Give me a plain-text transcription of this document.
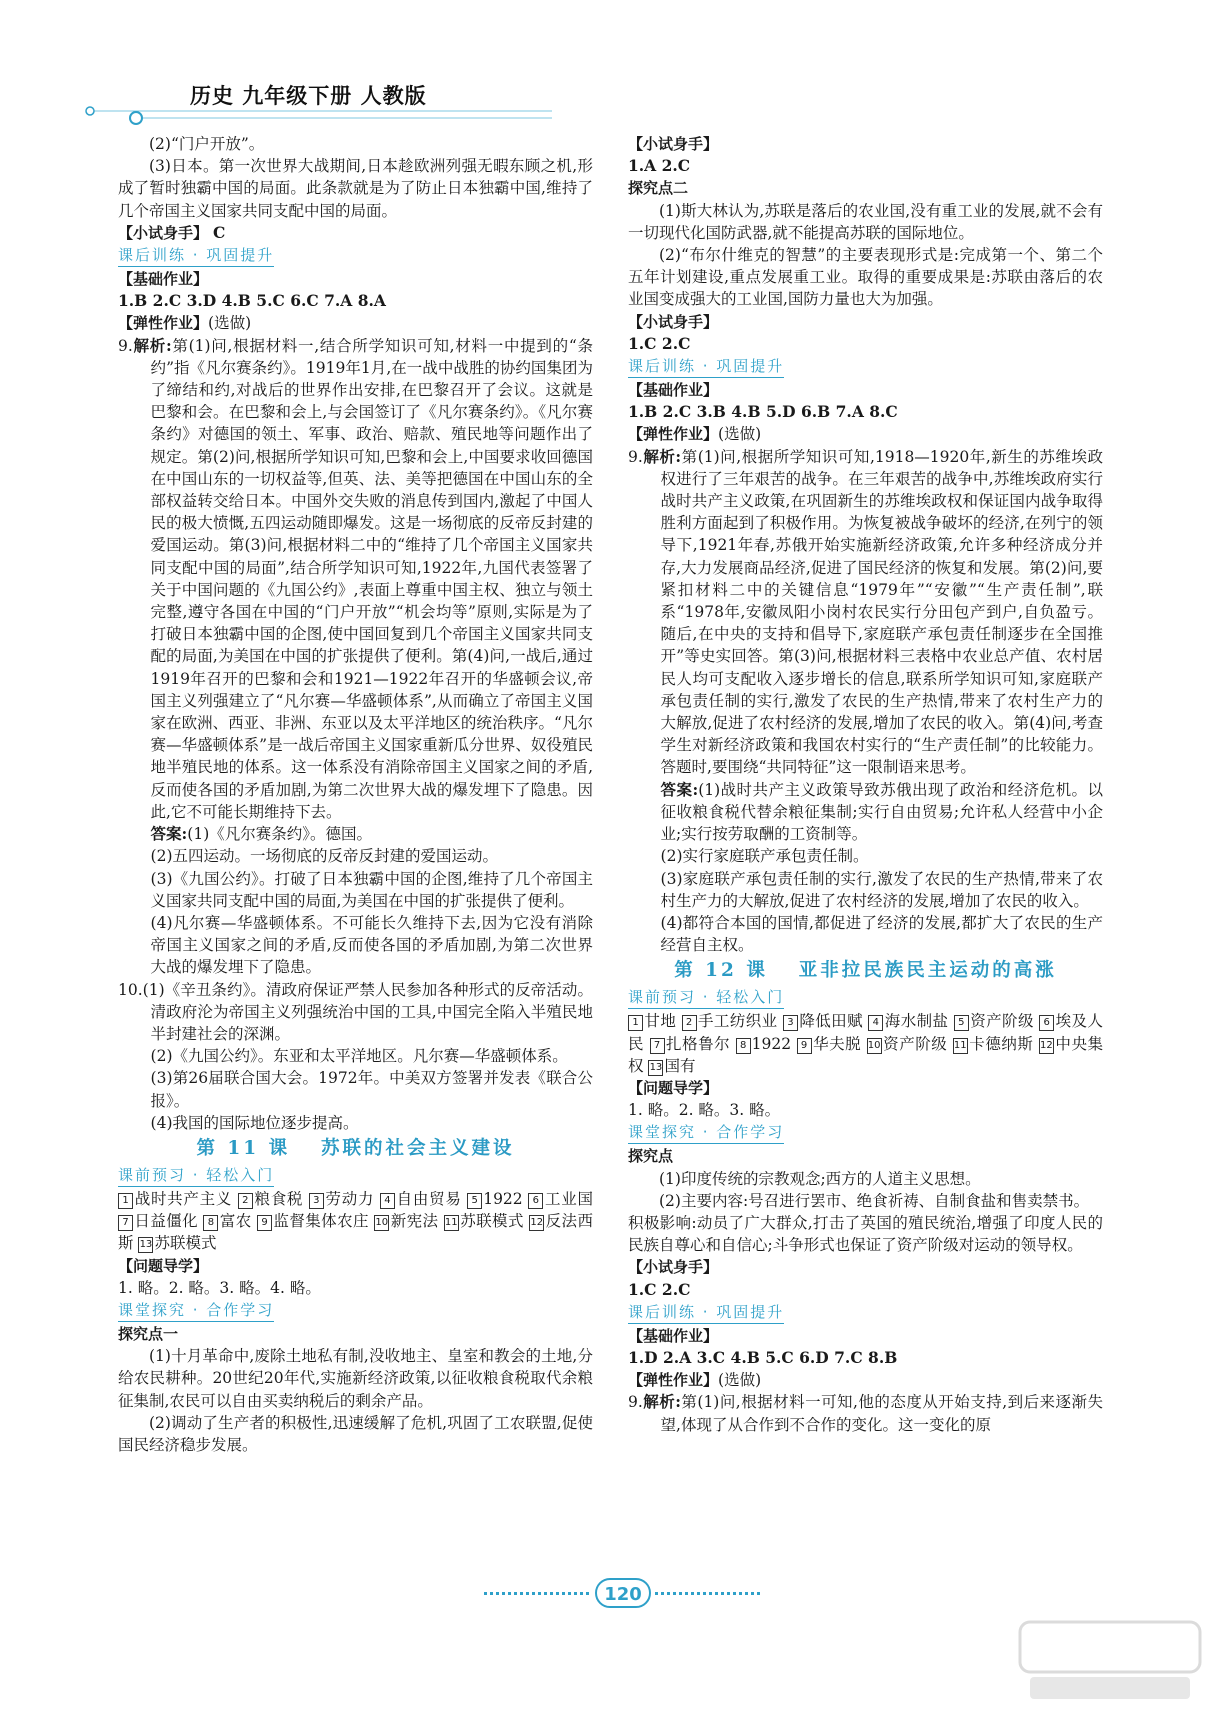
历史 九年级下册 人教版

(2)“门户开放”。

(3)日本。第一次世界大战期间,日本趁欧洲列强无暇东顾之机,形成了暂时独霸中国的局面。此条款就是为了防止日本独霸中国,维持了几个帝国主义国家共同支配中国的局面。

【小试身手】 C

课后训练 · 巩固提升

【基础作业】

1.B 2.C 3.D 4.B 5.C 6.C 7.A 8.A

【弹性作业】(选做)

9.解析:第(1)问,根据材料一,结合所学知识可知,材料一中提到的“条约”指《凡尔赛条约》。1919年1月,在一战中战胜的协约国集团为了缔结和约,对战后的世界作出安排,在巴黎召开了会议。这就是巴黎和会。在巴黎和会上,与会国签订了《凡尔赛条约》。《凡尔赛条约》对德国的领土、军事、政治、赔款、殖民地等问题作出了规定。第(2)问,根据所学知识可知,巴黎和会上,中国要求收回德国在中国山东的一切权益等,但英、法、美等把德国在中国山东的全部权益转交给日本。中国外交失败的消息传到国内,激起了中国人民的极大愤慨,五四运动随即爆发。这是一场彻底的反帝反封建的爱国运动。第(3)问,根据材料二中的“维持了几个帝国主义国家共同支配中国的局面”,结合所学知识可知,1922年,九国代表签署了关于中国问题的《九国公约》,表面上尊重中国主权、独立与领土完整,遵守各国在中国的“门户开放”“机会均等”原则,实际是为了打破日本独霸中国的企图,使中国回复到几个帝国主义国家共同支配的局面,为美国在中国的扩张提供了便利。第(4)问,一战后,通过1919年召开的巴黎和会和1921—1922年召开的华盛顿会议,帝国主义列强建立了“凡尔赛—华盛顿体系”,从而确立了帝国主义国家在欧洲、西亚、非洲、东亚以及太平洋地区的统治秩序。“凡尔赛—华盛顿体系”是一战后帝国主义国家重新瓜分世界、奴役殖民地半殖民地的体系。这一体系没有消除帝国主义国家之间的矛盾,反而使各国的矛盾加剧,为第二次世界大战的爆发埋下了隐患。因此,它不可能长期维持下去。

答案:(1)《凡尔赛条约》。德国。

(2)五四运动。一场彻底的反帝反封建的爱国运动。

(3)《九国公约》。打破了日本独霸中国的企图,维持了几个帝国主义国家共同支配中国的局面,为美国在中国的扩张提供了便利。

(4)凡尔赛—华盛顿体系。不可能长久维持下去,因为它没有消除帝国主义国家之间的矛盾,反而使各国的矛盾加剧,为第二次世界大战的爆发埋下了隐患。

10.(1)《辛丑条约》。清政府保证严禁人民参加各种形式的反帝活动。清政府沦为帝国主义列强统治中国的工具,中国完全陷入半殖民地半封建社会的深渊。

(2)《九国公约》。东亚和太平洋地区。凡尔赛—华盛顿体系。

(3)第26届联合国大会。1972年。中美双方签署并发表《联合公报》。

(4)我国的国际地位逐步提高。

第 11 课　 苏联的社会主义建设
课前预习 · 轻松入门

1 战时共产主义 2 粮食税 3 劳动力 4 自由贸易 5 1922 6 工业国 7 日益僵化 8 富农 9 监督集体农庄 10 新宪法 11 苏联模式 12 反法西斯 13 苏联模式

【问题导学】

1. 略。2. 略。3. 略。4. 略。

课堂探究 · 合作学习

探究点一

(1)十月革命中,废除土地私有制,没收地主、皇室和教会的土地,分给农民耕种。20世纪20年代,实施新经济政策,以征收粮食税取代余粮征集制,农民可以自由买卖纳税后的剩余产品。

(2)调动了生产者的积极性,迅速缓解了危机,巩固了工农联盟,促使国民经济稳步发展。

【小试身手】

1.A 2.C

探究点二

(1)斯大林认为,苏联是落后的农业国,没有重工业的发展,就不会有一切现代化国防武器,就不能提高苏联的国际地位。

(2)“布尔什维克的智慧”的主要表现形式是:完成第一个、第二个五年计划建设,重点发展重工业。取得的重要成果是:苏联由落后的农业国变成强大的工业国,国防力量也大为加强。

【小试身手】

1.C 2.C

课后训练 · 巩固提升

【基础作业】

1.B 2.C 3.B 4.B 5.D 6.B 7.A 8.C

【弹性作业】(选做)

9.解析:第(1)问,根据所学知识可知,1918—1920年,新生的苏维埃政权进行了三年艰苦的战争。在三年艰苦的战争中,苏维埃政府实行战时共产主义政策,在巩固新生的苏维埃政权和保证国内战争取得胜利方面起到了积极作用。为恢复被战争破坏的经济,在列宁的领导下,1921年春,苏俄开始实施新经济政策,允许多种经济成分并存,大力发展商品经济,促进了国民经济的恢复和发展。第(2)问,要紧扣材料二中的关键信息“1979年”“安徽”“生产责任制”,联系“1978年,安徽凤阳小岗村农民实行分田包产到户,自负盈亏。随后,在中央的支持和倡导下,家庭联产承包责任制逐步在全国推开”等史实回答。第(3)问,根据材料三表格中农业总产值、农村居民人均可支配收入逐步增长的信息,联系所学知识可知,家庭联产承包责任制的实行,激发了农民的生产热情,带来了农村生产力的大解放,促进了农村经济的发展,增加了农民的收入。第(4)问,考查学生对新经济政策和我国农村实行的“生产责任制”的比较能力。答题时,要围绕“共同特征”这一限制语来思考。

答案:(1)战时共产主义政策导致苏俄出现了政治和经济危机。以征收粮食税代替余粮征集制;实行自由贸易;允许私人经营中小企业;实行按劳取酬的工资制等。

(2)实行家庭联产承包责任制。

(3)家庭联产承包责任制的实行,激发了农民的生产热情,带来了农村生产力的大解放,促进了农村经济的发展,增加了农民的收入。

(4)都符合本国的国情,都促进了经济的发展,都扩大了农民的生产经营自主权。

第 12 课　 亚非拉民族民主运动的高涨
课前预习 · 轻松入门

1 甘地 2 手工纺织业 3 降低田赋 4 海水制盐 5 资产阶级 6 埃及人民 7 扎格鲁尔 8 1922 9 华夫脱 10 资产阶级 11 卡德纳斯 12 中央集权 13 国有

【问题导学】

1. 略。2. 略。3. 略。

课堂探究 · 合作学习

探究点

(1)印度传统的宗教观念;西方的人道主义思想。

(2)主要内容:号召进行罢市、绝食祈祷、自制食盐和售卖禁书。

积极影响:动员了广大群众,打击了英国的殖民统治,增强了印度人民的民族自尊心和自信心;斗争形式也保证了资产阶级对运动的领导权。

【小试身手】

1.C 2.C

课后训练 · 巩固提升

【基础作业】

1.D 2.A 3.C 4.B 5.C 6.D 7.C 8.B

【弹性作业】(选做)

9.解析:第(1)问,根据材料一可知,他的态度从开始支持,到后来逐渐失望,体现了从合作到不合作的变化。这一变化的原

120
